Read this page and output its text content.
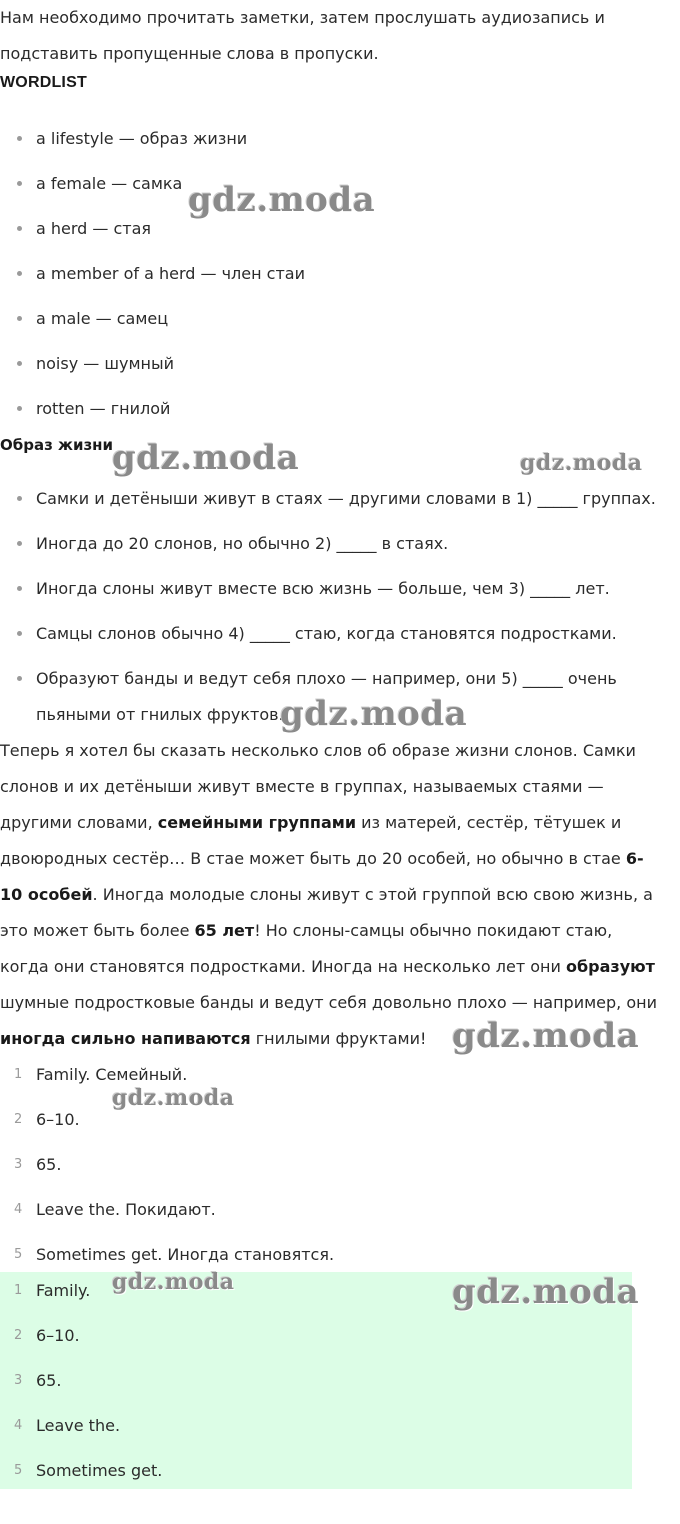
Нам необходимо прочитать заметки, затем прослушать аудиозапись и подставить пропущенные слова в пропуски.

WORDLIST
a lifestyle — образ жизни
a female — самка
a herd — стая
a member of a herd — член стаи
a male — самец
noisy — шумный
rotten — гнилой
Образ жизни
Самки и детёныши живут в стаях — другими словами в 1) _____ группах.
Иногда до 20 слонов, но обычно 2) _____ в стаях.
Иногда слоны живут вместе всю жизнь — больше, чем 3) _____ лет.
Самцы слонов обычно 4) _____ стаю, когда становятся подростками.
Образуют банды и ведут себя плохо — например, они 5) _____ очень пьяными от гнилых фруктов.

Теперь я хотел бы сказать несколько слов об образе жизни слонов. Самки слонов и их детёныши живут вместе в группах, называемых стаями — другими словами, семейными группами из матерей, сестёр, тётушек и двоюродных сестёр… В стае может быть до 20 особей, но обычно в стае 6-10 особей. Иногда молодые слоны живут с этой группой всю свою жизнь, а это может быть более 65 лет! Но слоны-самцы обычно покидают стаю, когда они становятся подростками. Иногда на несколько лет они образуют шумные подростковые банды и ведут себя довольно плохо — например, они иногда сильно напиваются гнилыми фруктами!

1 Family. Семейный.
2 6–10.
3 65.
4 Leave the. Покидают.
5 Sometimes get. Иногда становятся.
1 Family.
2 6–10.
3 65.
4 Leave the.
5 Sometimes get.
gdz.moda
gdz.moda	gdz.moda
gdz.moda
gdz.moda
gdz.moda
gdz.moda	gdz.moda
